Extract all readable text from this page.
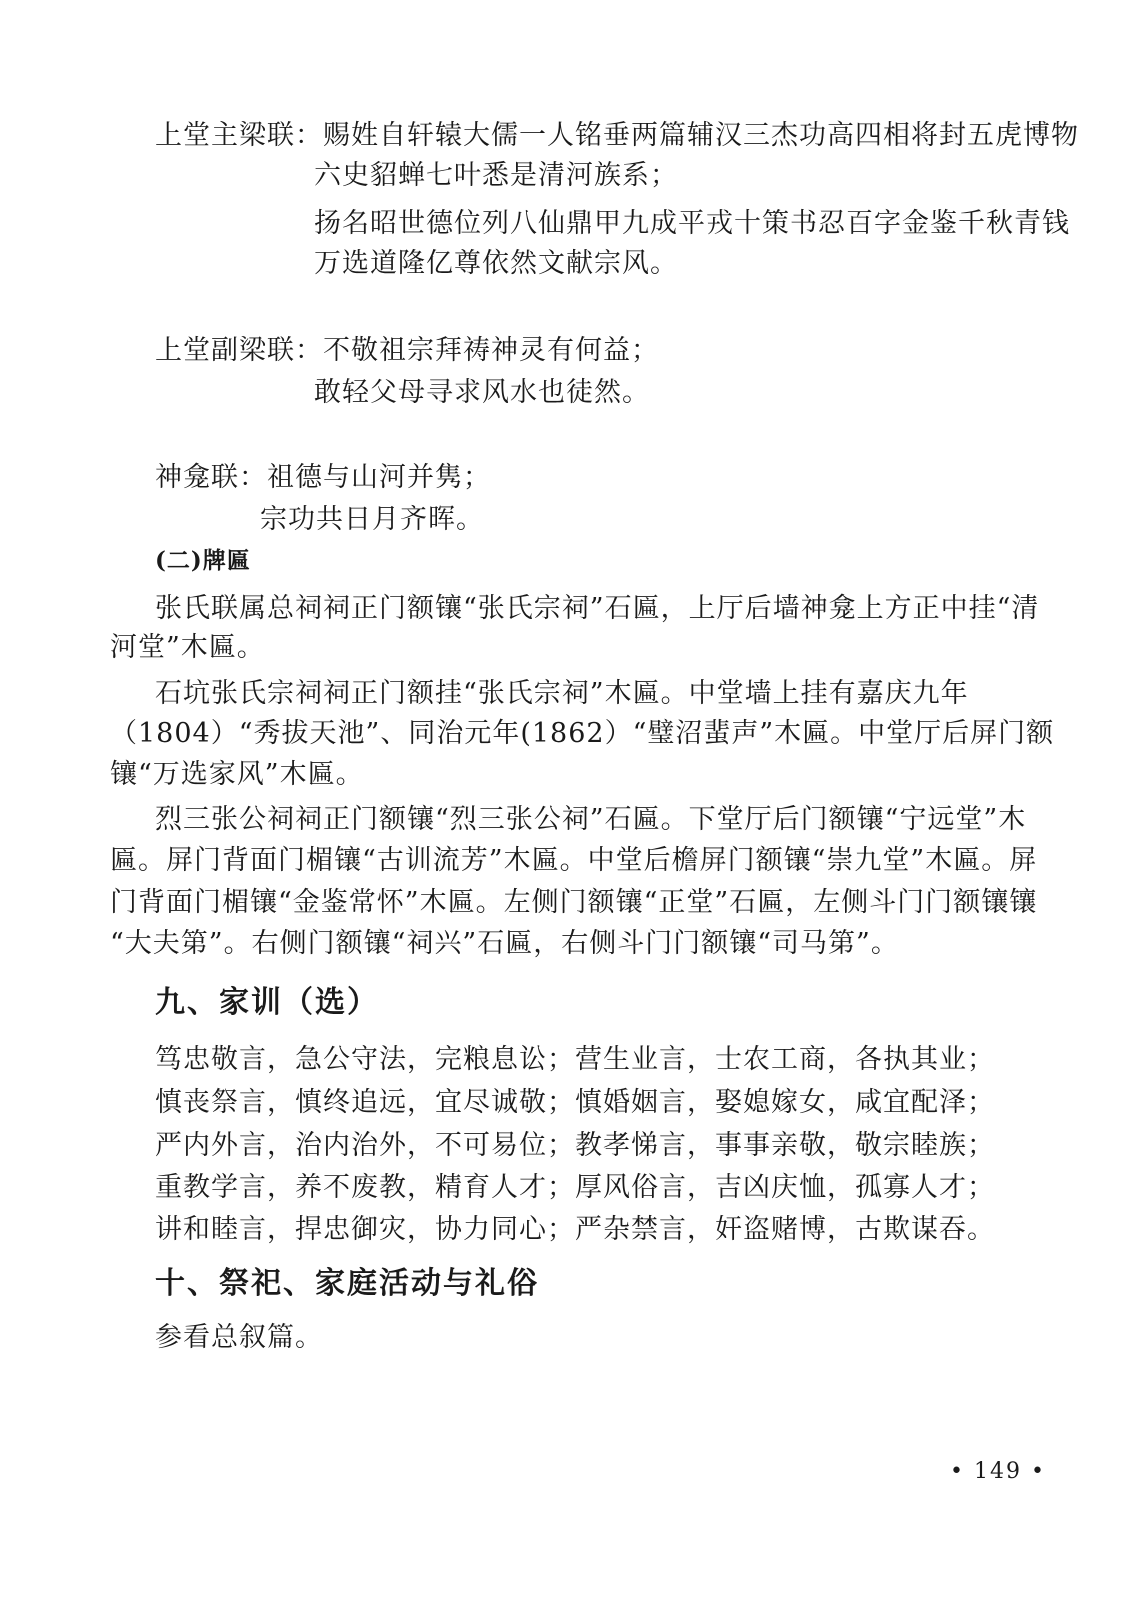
上堂主梁联：赐姓自轩辕大儒一人铭垂两篇辅汉三杰功高四相将封五虎博物
六史貂蝉七叶悉是清河族系；
扬名昭世德位列八仙鼎甲九成平戎十策书忍百字金鉴千秋青钱
万选道隆亿尊依然文献宗风。
上堂副梁联：不敬祖宗拜祷神灵有何益；
敢轻父母寻求风水也徒然。
神龛联：祖德与山河并隽；
宗功共日月齐晖。
(二)牌匾
张氏联属总祠祠正门额镶“张氏宗祠”石匾，上厅后墙神龛上方正中挂“清
河堂”木匾。
石坑张氏宗祠祠正门额挂“张氏宗祠”木匾。中堂墙上挂有嘉庆九年
（1804）“秀拔天池”、同治元年(1862）“璧沼蜚声”木匾。中堂厅后屏门额
镶“万选家风”木匾。
烈三张公祠祠正门额镶“烈三张公祠”石匾。下堂厅后门额镶“宁远堂”木
匾。屏门背面门楣镶“古训流芳”木匾。中堂后檐屏门额镶“崇九堂”木匾。屏
门背面门楣镶“金鉴常怀”木匾。左侧门额镶“正堂”石匾，左侧斗门门额镶镶
“大夫第”。右侧门额镶“祠兴”石匾，右侧斗门门额镶“司马第”。
九、家训（选）
笃忠敬言，急公守法，完粮息讼；营生业言，士农工商，各执其业；
慎丧祭言，慎终追远，宜尽诚敬；慎婚姻言，娶媳嫁女，咸宜配泽；
严内外言，治内治外，不可易位；教孝悌言，事事亲敬，敬宗睦族；
重教学言，养不废教，精育人才；厚风俗言，吉凶庆恤，孤寡人才；
讲和睦言，捍忠御灾，协力同心；严杂禁言，奸盗赌博，古欺谋吞。
十、祭祀、家庭活动与礼俗
参看总叙篇。
• 149 •
